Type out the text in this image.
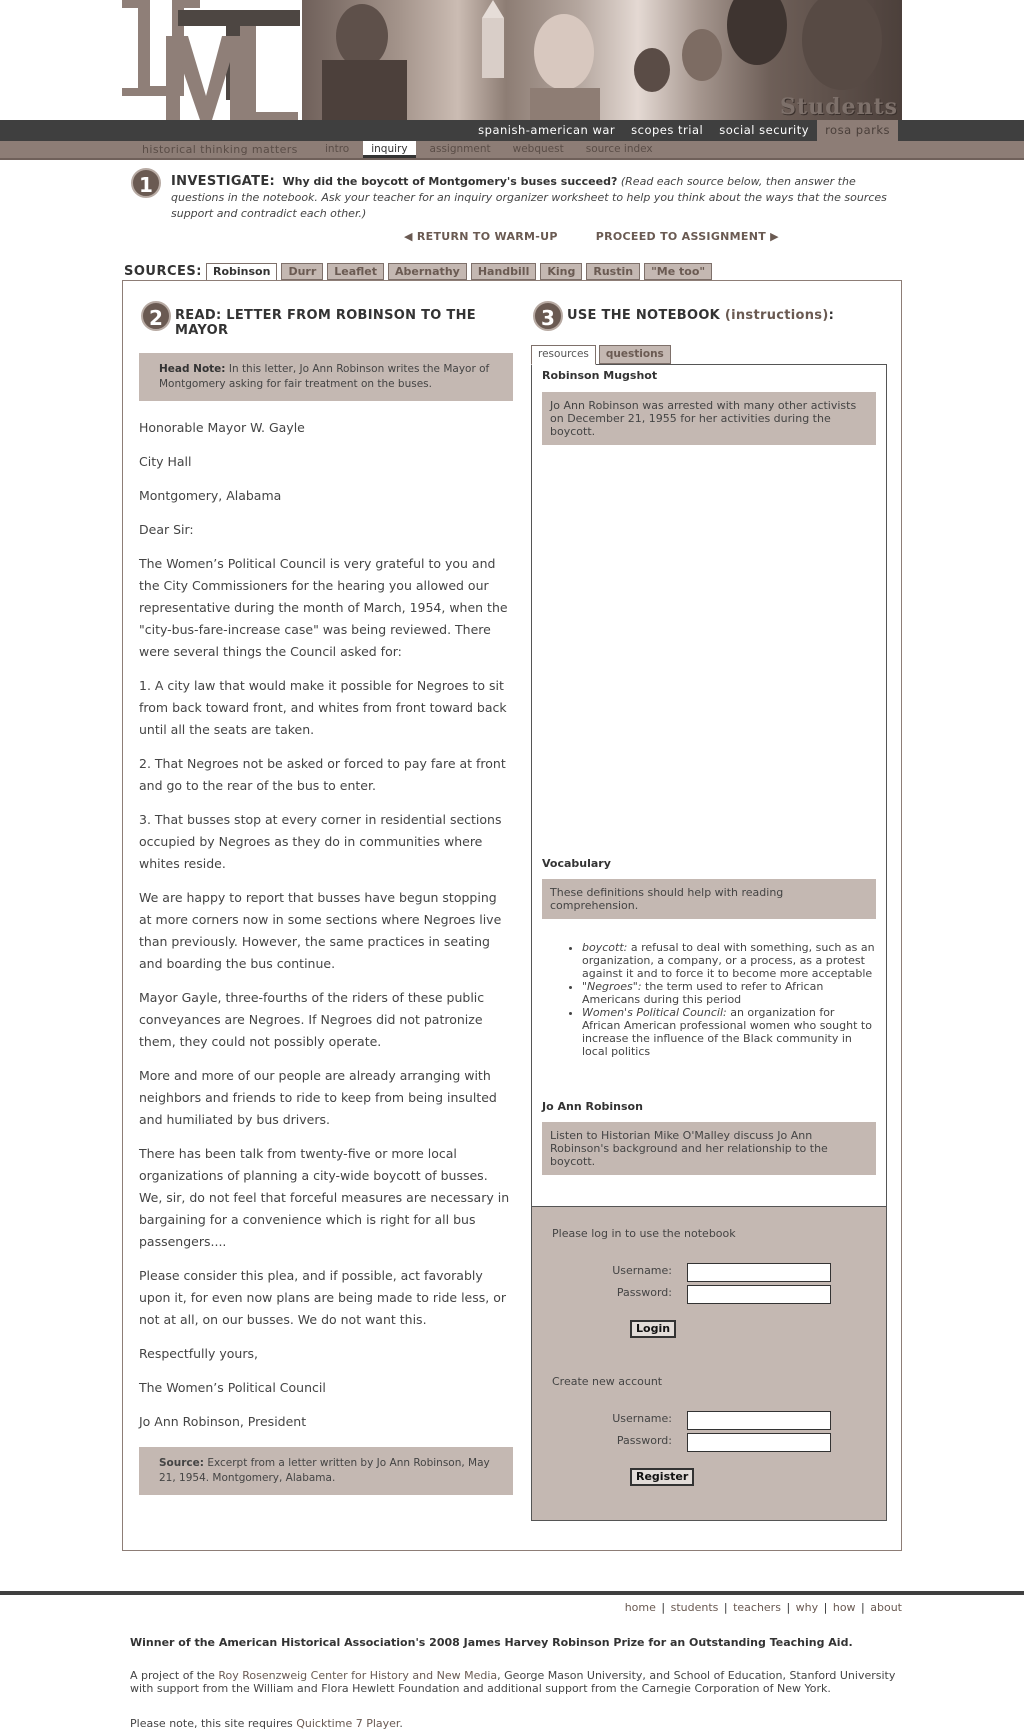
Students
spanish-american war	scopes trial	social security	rosa parks
historical thinking matters	intro	inquiry	assignment	webquest	source index
1	INVESTIGATE: Why did the boycott of Montgomery's buses succeed? (Read each source below, then answer the questions in the notebook. Ask your teacher for an inquiry organizer worksheet to help you think about the ways that the sources support and contradict each other.)
◀ RETURN TO WARM-UP	PROCEED TO ASSIGNMENT ▶
SOURCES:	Robinson	Durr	Leaflet	Abernathy	Handbill	King	Rustin	"Me too"
2 READ: LETTER FROM ROBINSON TO THE MAYOR
Head Note: In this letter, Jo Ann Robinson writes the Mayor of Montgomery asking for fair treatment on the buses.

Honorable Mayor W. Gayle

City Hall

Montgomery, Alabama

Dear Sir:

The Women’s Political Council is very grateful to you and the City Commissioners for the hearing you allowed our representative during the month of March, 1954, when the "city-bus-fare-increase case" was being reviewed. There were several things the Council asked for:

1. A city law that would make it possible for Negroes to sit from back toward front, and whites from front toward back until all the seats are taken.

2. That Negroes not be asked or forced to pay fare at front and go to the rear of the bus to enter.

3. That busses stop at every corner in residential sections occupied by Negroes as they do in communities where whites reside.

We are happy to report that busses have begun stopping at more corners now in some sections where Negroes live than previously. However, the same practices in seating and boarding the bus continue.

Mayor Gayle, three-fourths of the riders of these public conveyances are Negroes. If Negroes did not patronize them, they could not possibly operate.

More and more of our people are already arranging with neighbors and friends to ride to keep from being insulted and humiliated by bus drivers.

There has been talk from twenty-five or more local organizations of planning a city-wide boycott of busses. We, sir, do not feel that forceful measures are necessary in bargaining for a convenience which is right for all bus passengers....

Please consider this plea, and if possible, act favorably upon it, for even now plans are being made to ride less, or not at all, on our busses. We do not want this.

Respectfully yours,

The Women’s Political Council

Jo Ann Robinson, President

Source: Excerpt from a letter written by Jo Ann Robinson, May 21, 1954. Montgomery, Alabama.
3 USE THE NOTEBOOK (instructions):
resources	questions
Robinson Mugshot
Jo Ann Robinson was arrested with many other activists on December 21, 1955 for her activities during the boycott.
Vocabulary
These definitions should help with reading comprehension.
• boycott: a refusal to deal with something, such as an organization, a company, or a process, as a protest against it and to force it to become more acceptable
• "Negroes": the term used to refer to African Americans during this period
• Women's Political Council: an organization for African American professional women who sought to increase the influence of the Black community in local politics
Jo Ann Robinson
Listen to Historian Mike O'Malley discuss Jo Ann Robinson's background and her relationship to the boycott.
Please log in to use the notebook
Username:
Password:
Login
Create new account
Username:
Password:
Register
home | students | teachers | why | how | about
Winner of the American Historical Association's 2008 James Harvey Robinson Prize for an Outstanding Teaching Aid.
A project of the Roy Rosenzweig Center for History and New Media, George Mason University, and School of Education, Stanford University with support from the William and Flora Hewlett Foundation and additional support from the Carnegie Corporation of New York.
Please note, this site requires Quicktime 7 Player.
